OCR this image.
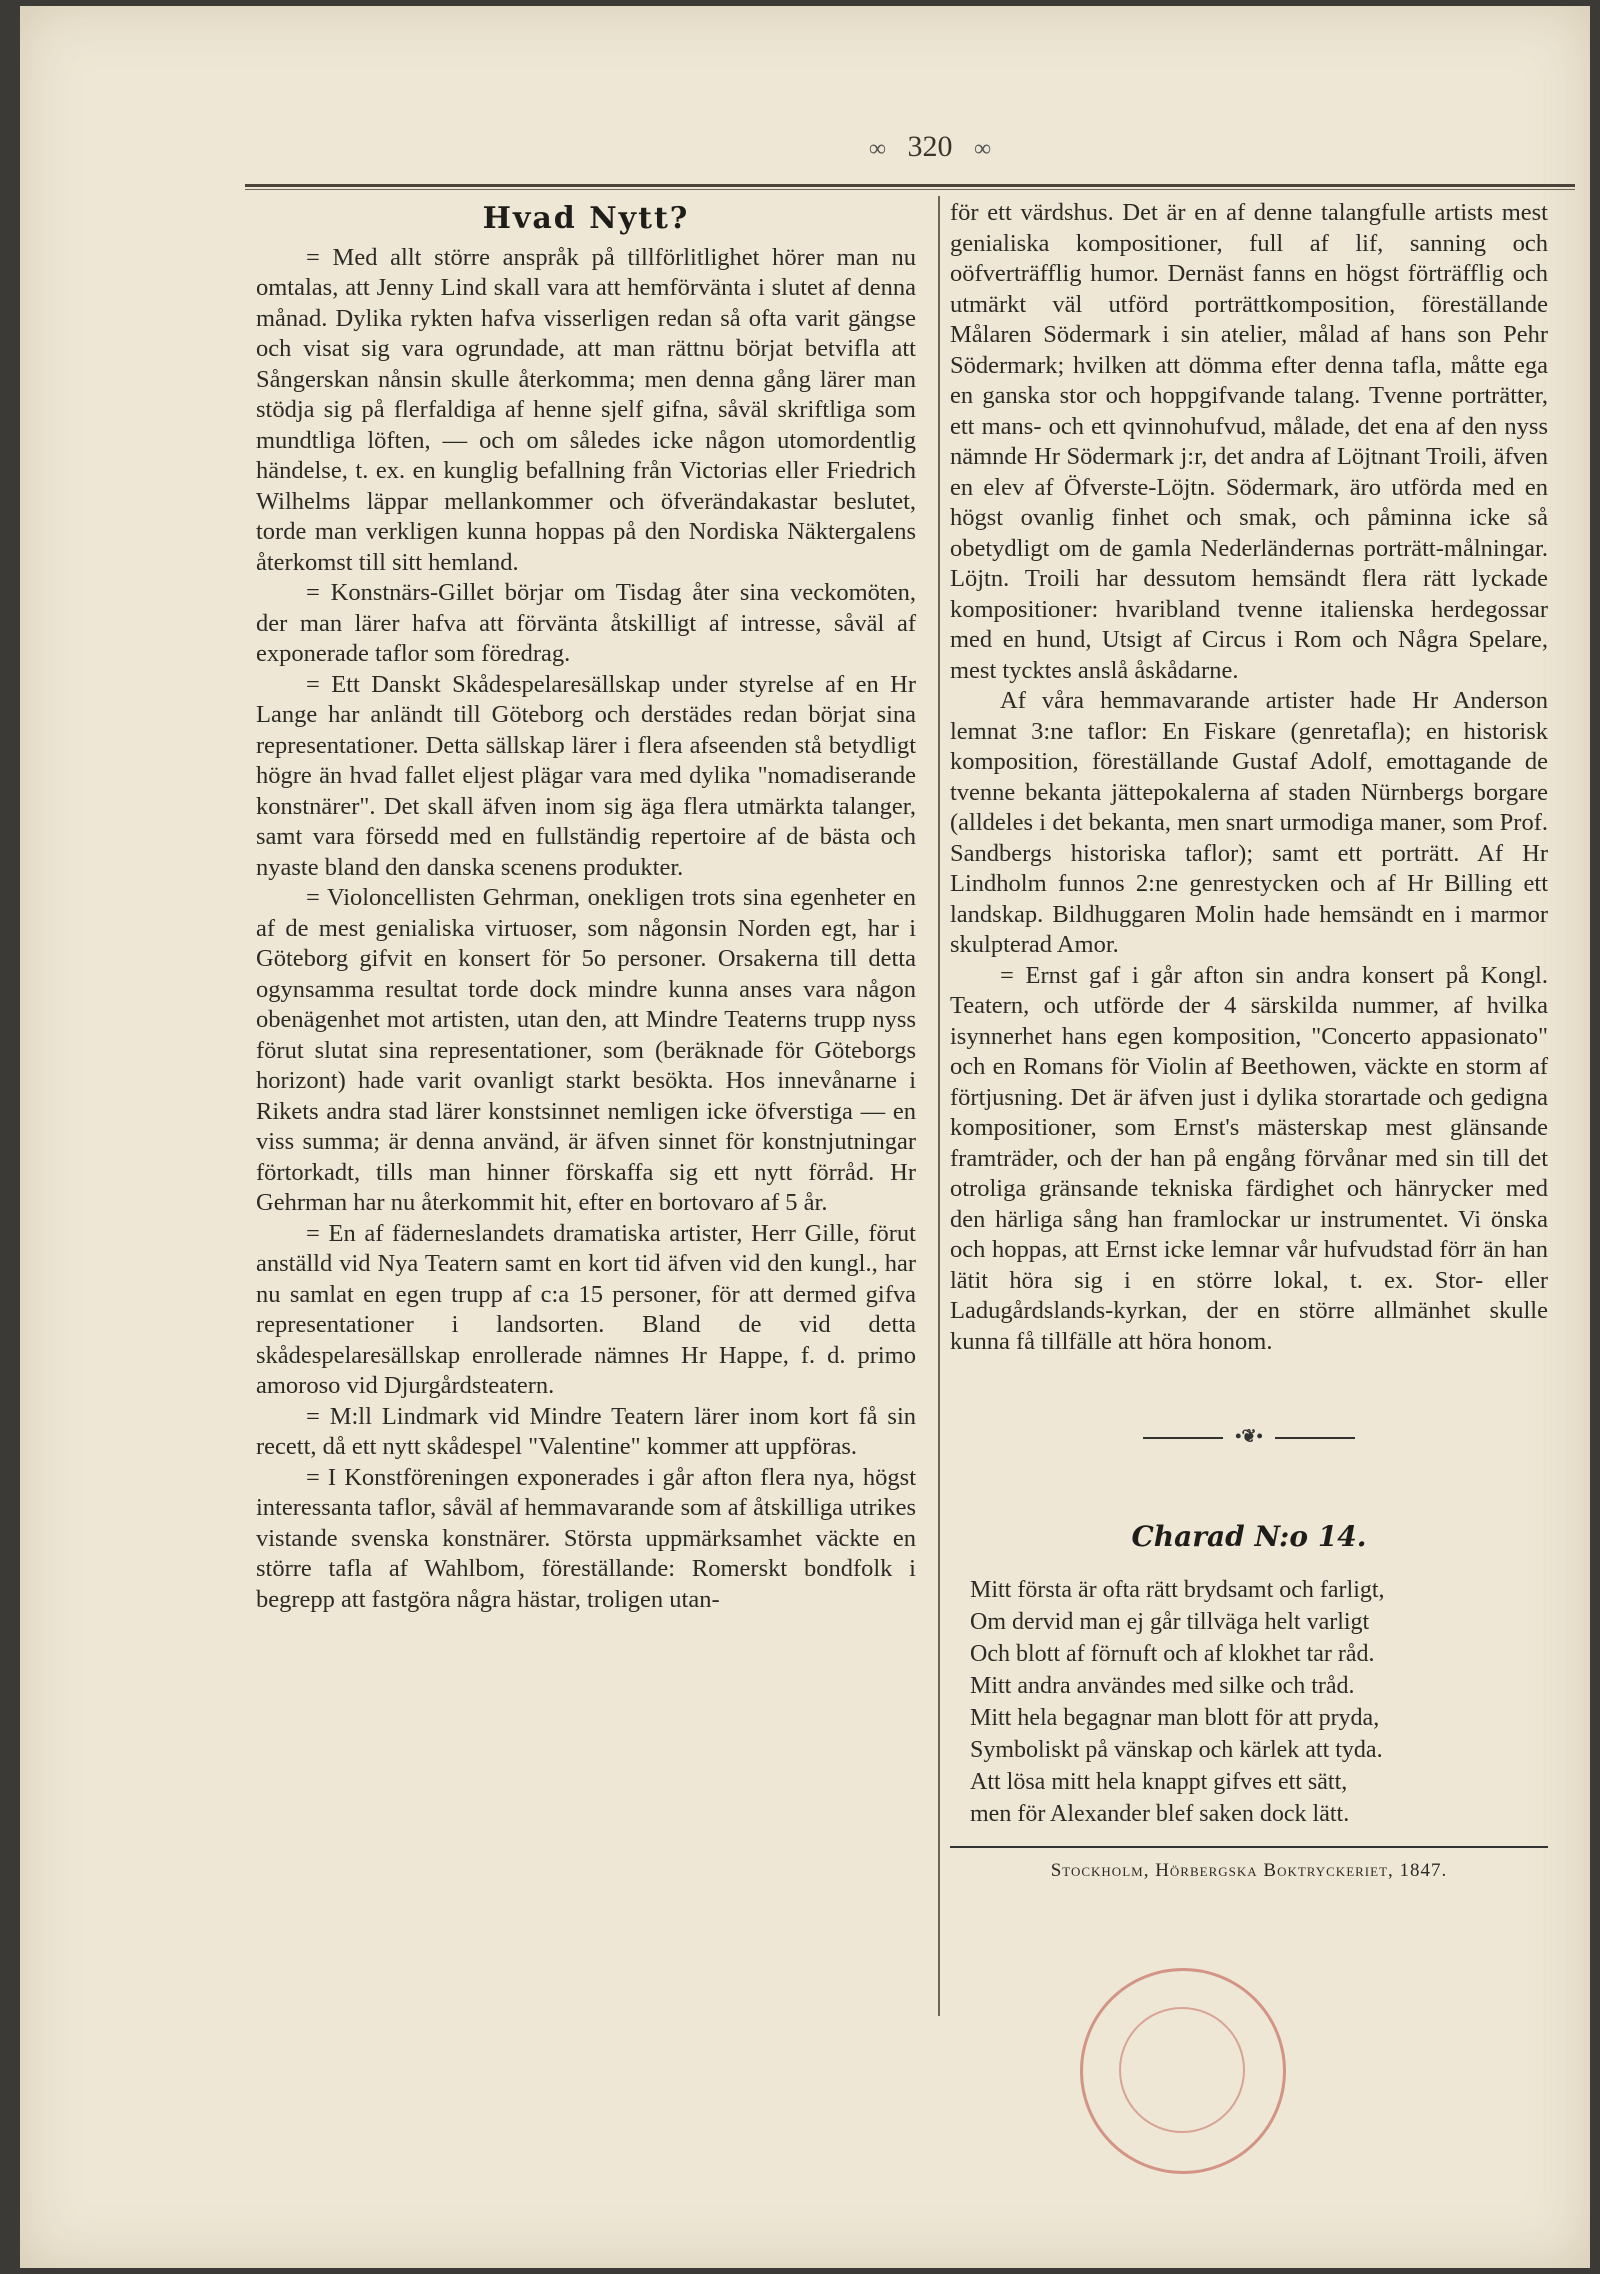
∞ 320 ∞
Hvad Nytt?

= Med allt större anspråk på tillförlitlighet hörer man nu omtalas, att Jenny Lind skall vara att hemförvänta i slutet af denna månad. Dylika rykten hafva visserligen redan så ofta varit gängse och visat sig vara ogrundade, att man rättnu börjat betvifla att Sångerskan nånsin skulle återkomma; men denna gång lärer man stödja sig på flerfaldiga af henne sjelf gifna, såväl skriftliga som mundtliga löften, — och om således icke någon utomordentlig händelse, t. ex. en kunglig befallning från Victorias eller Friedrich Wilhelms läppar mellankommer och öfverändakastar beslutet, torde man verkligen kunna hoppas på den Nordiska Näktergalens återkomst till sitt hemland.

= Konstnärs-Gillet börjar om Tisdag åter sina veckomöten, der man lärer hafva att förvänta åtskilligt af intresse, såväl af exponerade taflor som föredrag.

= Ett Danskt Skådespelaresällskap under styrelse af en Hr Lange har anländt till Göteborg och derstädes redan börjat sina representationer. Detta sällskap lärer i flera afseenden stå betydligt högre än hvad fallet eljest plägar vara med dylika "nomadiserande konstnärer". Det skall äfven inom sig äga flera utmärkta talanger, samt vara försedd med en fullständig repertoire af de bästa och nyaste bland den danska scenens produkter.

= Violoncellisten Gehrman, onekligen trots sina egenheter en af de mest genialiska virtuoser, som någonsin Norden egt, har i Göteborg gifvit en konsert för 5o personer. Orsakerna till detta ogynsamma resultat torde dock mindre kunna anses vara någon obenägenhet mot artisten, utan den, att Mindre Teaterns trupp nyss förut slutat sina representationer, som (beräknade för Göteborgs horizont) hade varit ovanligt starkt besökta. Hos innevånarne i Rikets andra stad lärer konstsinnet nemligen icke öfverstiga — en viss summa; är denna använd, är äfven sinnet för konstnjutningar förtorkadt, tills man hinner förskaffa sig ett nytt förråd. Hr Gehrman har nu återkommit hit, efter en bortovaro af 5 år.

= En af fäderneslandets dramatiska artister, Herr Gille, förut anställd vid Nya Teatern samt en kort tid äfven vid den kungl., har nu samlat en egen trupp af c:a 15 personer, för att dermed gifva representationer i landsorten. Bland de vid detta skådespelaresällskap enrollerade nämnes Hr Happe, f. d. primo amoroso vid Djurgårdsteatern.

= M:ll Lindmark vid Mindre Teatern lärer inom kort få sin recett, då ett nytt skådespel "Valentine" kommer att uppföras.

= I Konstföreningen exponerades i går afton flera nya, högst interessanta taflor, såväl af hemmavarande som af åtskilliga utrikes vistande svenska konstnärer. Största uppmärksamhet väckte en större tafla af Wahlbom, föreställande: Romerskt bondfolk i begrepp att fastgöra några hästar, troligen utan-

för ett värdshus. Det är en af denne talangfulle artists mest genialiska kompositioner, full af lif, sanning och oöfverträfflig humor. Dernäst fanns en högst förträfflig och utmärkt väl utförd porträttkomposition, föreställande Målaren Södermark i sin atelier, målad af hans son Pehr Södermark; hvilken att dömma efter denna tafla, måtte ega en ganska stor och hoppgifvande talang. Tvenne porträtter, ett mans- och ett qvinnohufvud, målade, det ena af den nyss nämnde Hr Södermark j:r, det andra af Löjtnant Troili, äfven en elev af Öfverste-Löjtn. Södermark, äro utförda med en högst ovanlig finhet och smak, och påminna icke så obetydligt om de gamla Nederländernas porträtt-målningar. Löjtn. Troili har dessutom hemsändt flera rätt lyckade kompositioner: hvaribland tvenne italienska herdegossar med en hund, Utsigt af Circus i Rom och Några Spelare, mest tycktes anslå åskådarne.

Af våra hemmavarande artister hade Hr Anderson lemnat 3:ne taflor: En Fiskare (genretafla); en historisk komposition, föreställande Gustaf Adolf, emottagande de tvenne bekanta jättepokalerna af staden Nürnbergs borgare (alldeles i det bekanta, men snart urmodiga maner, som Prof. Sandbergs historiska taflor); samt ett porträtt. Af Hr Lindholm funnos 2:ne genrestycken och af Hr Billing ett landskap. Bildhuggaren Molin hade hemsändt en i marmor skulpterad Amor.

= Ernst gaf i går afton sin andra konsert på Kongl. Teatern, och utförde der 4 särskilda nummer, af hvilka isynnerhet hans egen komposition, "Concerto appasionato" och en Romans för Violin af Beethowen, väckte en storm af förtjusning. Det är äfven just i dylika storartade och gedigna kompositioner, som Ernst's mästerskap mest glänsande framträder, och der han på engång förvånar med sin till det otroliga gränsande tekniska färdighet och hänrycker med den härliga sång han framlockar ur instrumentet. Vi önska och hoppas, att Ernst icke lemnar vår hufvudstad förr än han lätit höra sig i en större lokal, t. ex. Stor- eller Ladugårdslands-kyrkan, der en större allmänhet skulle kunna få tillfälle att höra honom.

•❦•
Charad N:o 14.
Mitt första är ofta rätt brydsamt och farligt,
Om dervid man ej går tillväga helt varligt
Och blott af förnuft och af klokhet tar råd.
Mitt andra användes med silke och tråd.
Mitt hela begagnar man blott för att pryda,
Symboliskt på vänskap och kärlek att tyda.
Att lösa mitt hela knappt gifves ett sätt,
men för Alexander blef saken dock lätt.
Stockholm, Hörbergska Boktryckeriet, 1847.
